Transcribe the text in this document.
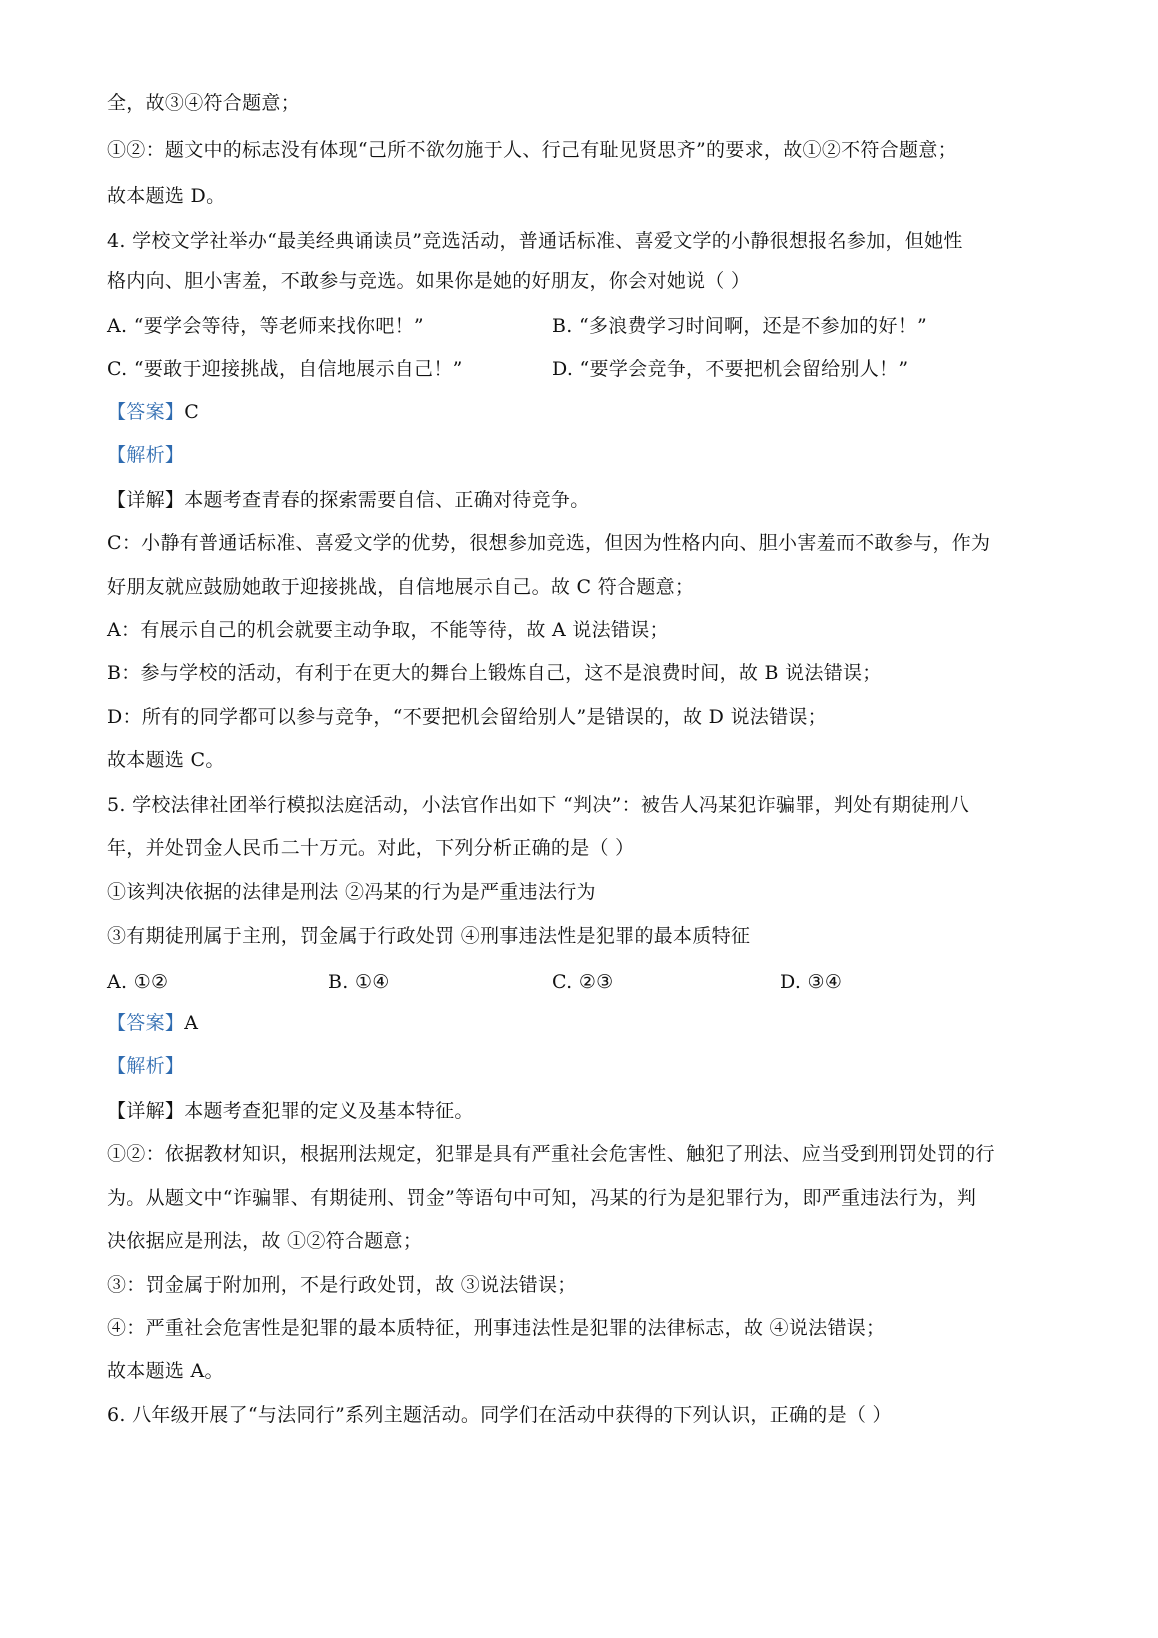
全，故③④符合题意；
①②：题文中的标志没有体现“己所不欲勿施于人、行己有耻见贤思齐”的要求，故①②不符合题意；
故本题选 D。
4. 学校文学社举办“最美经典诵读员”竞选活动，普通话标准、喜爱文学的小静很想报名参加，但她性
格内向、胆小害羞，不敢参与竞选。如果你是她的好朋友，你会对她说（ ）
A. “要学会等待，等老师来找你吧！”	B. “多浪费学习时间啊，还是不参加的好！”
C. “要敢于迎接挑战，自信地展示自己！”	D. “要学会竞争，不要把机会留给别人！”
【答案】C
【解析】
【详解】本题考查青春的探索需要自信、正确对待竞争。
C：小静有普通话标准、喜爱文学的优势，很想参加竞选，但因为性格内向、胆小害羞而不敢参与，作为
好朋友就应鼓励她敢于迎接挑战，自信地展示自己。故 C 符合题意；
A：有展示自己的机会就要主动争取，不能等待，故 A 说法错误；
B：参与学校的活动，有利于在更大的舞台上锻炼自己，这不是浪费时间，故 B 说法错误；
D：所有的同学都可以参与竞争，“不要把机会留给别人”是错误的，故 D 说法错误；
故本题选 C。
5. 学校法律社团举行模拟法庭活动，小法官作出如下 “判决”：被告人冯某犯诈骗罪，判处有期徒刑八
年，并处罚金人民币二十万元。对此，下列分析正确的是（ ）
①该判决依据的法律是刑法 ②冯某的行为是严重违法行为
③有期徒刑属于主刑，罚金属于行政处罚 ④刑事违法性是犯罪的最本质特征
A. ①②	B. ①④	C. ②③	D. ③④
【答案】A
【解析】
【详解】本题考查犯罪的定义及基本特征。
①②：依据教材知识，根据刑法规定，犯罪是具有严重社会危害性、触犯了刑法、应当受到刑罚处罚的行
为。从题文中“诈骗罪、有期徒刑、罚金”等语句中可知，冯某的行为是犯罪行为，即严重违法行为，判
决依据应是刑法，故 ①②符合题意；
③：罚金属于附加刑，不是行政处罚，故 ③说法错误；
④：严重社会危害性是犯罪的最本质特征，刑事违法性是犯罪的法律标志，故 ④说法错误；
故本题选 A。
6. 八年级开展了“与法同行”系列主题活动。同学们在活动中获得的下列认识，正确的是（ ）
